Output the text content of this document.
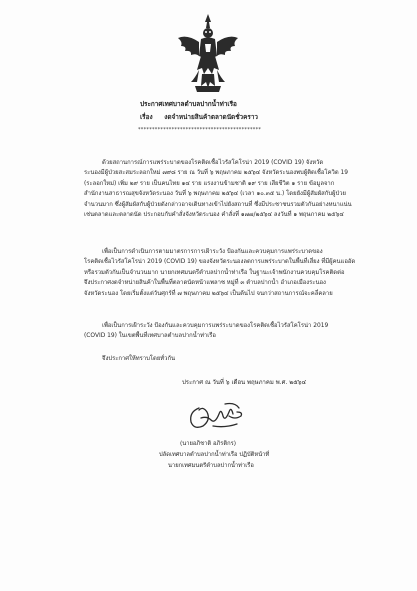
ประกาศเทศบาลตำบลปากน้ำท่าเรือ
เรื่อง งดจำหน่ายสินค้าตลาดนัดชั่วคราว
********************************************
ด้วยสถานการณ์การแพร่ระบาดของโรคติดเชื้อไวรัสโคโรน่า 2019 (COVID 19) จังหวัด
ระนองมีผู้ป่วยสะสมระลอกใหม่ ๗๙๘ ราย ณ วันที่ ๖ พฤษภาคม ๒๕๖๔ จังหวัดระนองพบผู้ติดเชื้อโควิด 19
(ระลอกใหม่) เพิ่ม ๒๙ ราย เป็นคนไทย ๑๔ ราย แรงงานข้ามชาติ ๑๙ ราย เสียชีวิต ๑ ราย ข้อมูลจาก
สำนักงานสาธารณสุขจังหวัดระนอง วันที่ ๖ พฤษภาคม ๒๕๖๔ (เวลา ๑๐.๓๕ น.) โดยยังมีผู้สัมผัสกับผู้ป่วย
จำนวนมาก ซึ่งผู้สัมผัสกับผู้ป่วยดังกล่าวอาจเดินทางเข้าไปยังสถานที่ ซึ่งมีประชาชนรวมตัวกันอย่างหนาแน่น
เช่นตลาดและตลาดนัด ประกอบกับคำสั่งจังหวัดระนอง คำสั่งที่ ๑๗๗/๒๕๖๔ ลงวันที่ ๑ พฤษภาคม ๒๕๖๔
เพื่อเป็นการดำเนินการตามมาตรการการเฝ้าระวัง ป้องกันและควบคุมการแพร่ระบาดของ
โรคติดเชื้อไวรัสโคโรน่า 2019 (COVID 19) ของจังหวัดระนองลดการแพร่ระบาดในพื้นที่เสี่ยง ที่มีผู้คนแออัด
หรือรวมตัวกันเป็นจำนวนมาก นายกเทศมนตรีตำบลปากน้ำท่าเรือ ในฐานะเจ้าพนักงานควบคุมโรคติดต่อ
จึงประกาศงดจำหน่ายสินค้าในพื้นที่ตลาดนัดหน้าแพลาซ หมู่ที่ ๓ ตำบลปากน้ำ อำเภอเมืองระนอง
จังหวัดระนอง โดยเริ่มตั้งแต่วันศุกร์ที่ ๗ พฤษภาคม ๒๕๖๔ เป็นต้นไป จนกว่าสถานการณ์จะคลี่คลาย
เพื่อเป็นการเฝ้าระวัง ป้องกันและควบคุมการแพร่ระบาดของโรคติดเชื้อไวรัสโคโรน่า 2019
(COVID 19) ในเขตพื้นที่เทศบาลตำบลปากน้ำท่าเรือ
จึงประกาศให้ทราบโดยทั่วกัน
ประกาศ ณ วันที่ ๖ เดือน พฤษภาคม พ.ศ. ๒๕๖๔
(นายอภิชาติ อภิรติกร)
ปลัดเทศบาลตำบลปากน้ำท่าเรือ ปฏิบัติหน้าที่
นายกเทศมนตรีตำบลปากน้ำท่าเรือ
